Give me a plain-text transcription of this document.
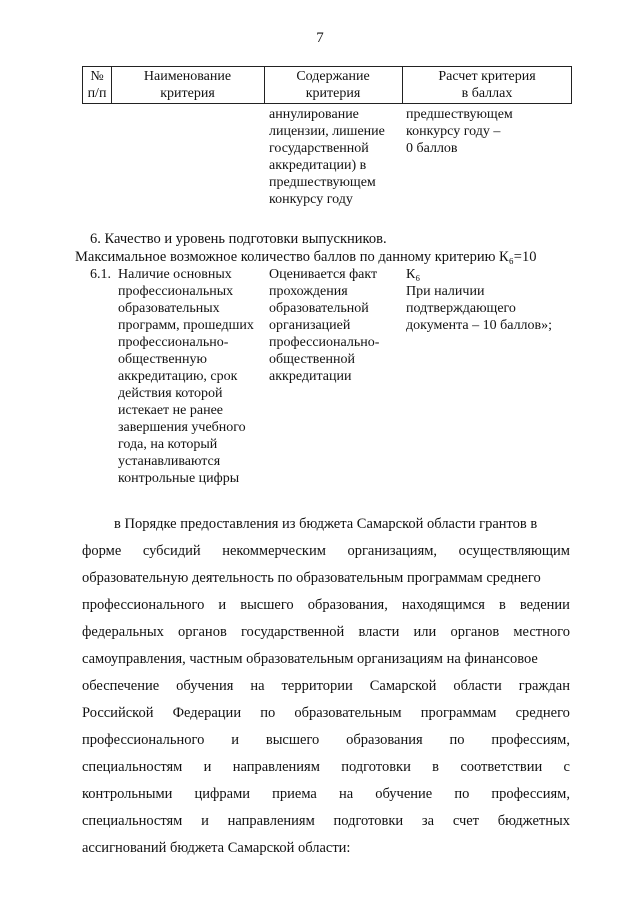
7
№
п/п
Наименование
критерия
Содержание
критерия
Расчет критерия
в баллах
аннулирование
лицензии, лишение
государственной
аккредитации) в
предшествующем
конкурсу году
предшествующем
конкурсу году –
0 баллов
6. Качество и уровень подготовки выпускников.
Максимальное возможное количество баллов по данному критерию К₆=10
6.1. Наличие основных
профессиональных
образовательных
программ, прошедших
профессионально-
общественную
аккредитацию, срок
действия которой
истекает не ранее
завершения учебного
года, на который
устанавливаются
контрольные цифры
Оценивается факт
прохождения
образовательной
организацией
профессионально-
общественной
аккредитации
К₆
При наличии
подтверждающего
документа – 10 баллов»;
в Порядке предоставления из бюджета Самарской области грантов в
форме субсидий некоммерческим организациям, осуществляющим
образовательную деятельность по образовательным программам среднего
профессионального и высшего образования, находящимся в ведении
федеральных органов государственной власти или органов местного
самоуправления, частным образовательным организациям на финансовое
обеспечение обучения на территории Самарской области граждан
Российской Федерации по образовательным программам среднего
профессионального и высшего образования по профессиям,
специальностям и направлениям подготовки в соответствии с
контрольными цифрами приема на обучение по профессиям,
специальностям и направлениям подготовки за счет бюджетных
ассигнований бюджета Самарской области:
